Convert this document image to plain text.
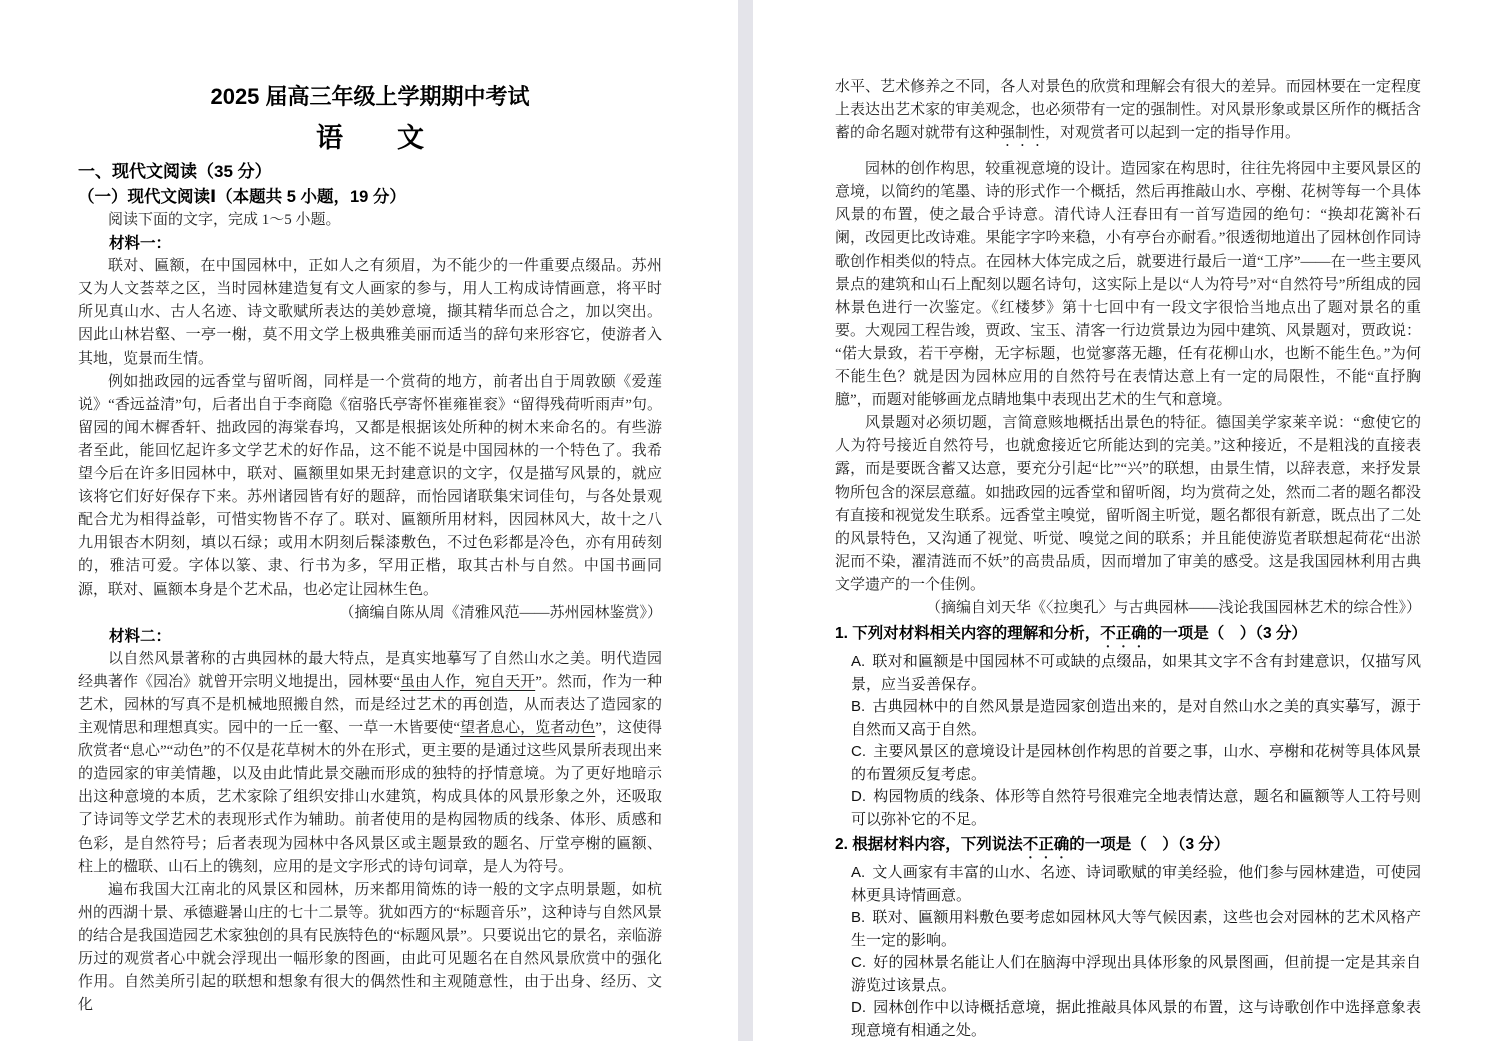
2025 届高三年级上学期期中考试
语　　文
一、现代文阅读（35 分）
（一）现代文阅读Ⅰ（本题共 5 小题，19 分）

阅读下面的文字，完成 1～5 小题。

材料一：

联对、匾额，在中国园林中，正如人之有须眉，为不能少的一件重要点缀品。苏州又为人文荟萃之区，当时园林建造复有文人画家的参与，用人工构成诗情画意，将平时所见真山水、古人名迹、诗文歌赋所表达的美妙意境，撷其精华而总合之，加以突出。因此山林岩壑、一亭一榭，莫不用文学上极典雅美丽而适当的辞句来形容它，使游者入其地，览景而生情。

例如拙政园的远香堂与留听阁，同样是一个赏荷的地方，前者出自于周敦颐《爱莲说》“香远益清”句，后者出自于李商隐《宿骆氏亭寄怀崔雍崔衮》“留得残荷听雨声”句。留园的闻木樨香轩、拙政园的海棠春坞，又都是根据该处所种的树木来命名的。有些游者至此，能回忆起许多文学艺术的好作品，这不能不说是中国园林的一个特色了。我希望今后在许多旧园林中，联对、匾额里如果无封建意识的文字，仅是描写风景的，就应该将它们好好保存下来。苏州诸园皆有好的题辞，而怡园诸联集宋词佳句，与各处景观配合尤为相得益彰，可惜实物皆不存了。联对、匾额所用材料，因园林风大，故十之八九用银杏木阴刻，填以石绿；或用木阴刻后髹漆敷色，不过色彩都是冷色，亦有用砖刻的，雅洁可爱。字体以篆、隶、行书为多，罕用正楷，取其古朴与自然。中国书画同源，联对、匾额本身是个艺术品，也必定让园林生色。

（摘编自陈从周《清雅风范——苏州园林鉴赏》）

材料二：

以自然风景著称的古典园林的最大特点，是真实地摹写了自然山水之美。明代造园经典著作《园冶》就曾开宗明义地提出，园林要“虽由人作，宛自天开”。然而，作为一种艺术，园林的写真不是机械地照搬自然，而是经过艺术的再创造，从而表达了造园家的主观情思和理想真实。园中的一丘一壑、一草一木皆要使“望者息心，览者动色”，这使得欣赏者“息心”“动色”的不仅是花草树木的外在形式，更主要的是通过这些风景所表现出来的造园家的审美情趣，以及由此情此景交融而形成的独特的抒情意境。为了更好地暗示出这种意境的本质，艺术家除了组织安排山水建筑，构成具体的风景形象之外，还吸取了诗词等文学艺术的表现形式作为辅助。前者使用的是构园物质的线条、体形、质感和色彩，是自然符号；后者表现为园林中各风景区或主题景致的题名、厅堂亭榭的匾额、柱上的楹联、山石上的镌刻，应用的是文字形式的诗句词章，是人为符号。

遍布我国大江南北的风景区和园林，历来都用简炼的诗一般的文字点明景题，如杭州的西湖十景、承德避暑山庄的七十二景等。犹如西方的“标题音乐”，这种诗与自然风景的结合是我国造园艺术家独创的具有民族特色的“标题风景”。只要说出它的景名，亲临游历过的观赏者心中就会浮现出一幅形象的图画，由此可见题名在自然风景欣赏中的强化作用。自然美所引起的联想和想象有很大的偶然性和主观随意性，由于出身、经历、文化

水平、艺术修养之不同，各人对景色的欣赏和理解会有很大的差异。而园林要在一定程度上表达出艺术家的审美观念，也必须带有一定的强制性。对风景形象或景区所作的概括含蓄的命名题对就带有这种强制性，对观赏者可以起到一定的指导作用。

园林的创作构思，较重视意境的设计。造园家在构思时，往往先将园中主要风景区的意境，以简约的笔墨、诗的形式作一个概括，然后再推敲山水、亭榭、花树等每一个具体风景的布置，使之最合乎诗意。清代诗人汪春田有一首写造园的绝句：“换却花篱补石阑，改园更比改诗难。果能字字吟来稳，小有亭台亦耐看。”很透彻地道出了园林创作同诗歌创作相类似的特点。在园林大体完成之后，就要进行最后一道“工序”——在一些主要风景点的建筑和山石上配刻以题名诗句，这实际上是以“人为符号”对“自然符号”所组成的园林景色进行一次鉴定。《红楼梦》第十七回中有一段文字很恰当地点出了题对景名的重要。大观园工程告竣，贾政、宝玉、清客一行边赏景边为园中建筑、风景题对，贾政说：“偌大景致，若干亭榭，无字标题，也觉寥落无趣，任有花柳山水，也断不能生色。”为何不能生色？就是因为园林应用的自然符号在表情达意上有一定的局限性，不能“直抒胸臆”，而题对能够画龙点睛地集中表现出艺术的生气和意境。

风景题对必须切题，言简意赅地概括出景色的特征。德国美学家莱辛说：“愈使它的人为符号接近自然符号，也就愈接近它所能达到的完美。”这种接近，不是粗浅的直接表露，而是要既含蓄又达意，要充分引起“比”“兴”的联想，由景生情，以辞表意，来抒发景物所包含的深层意蕴。如拙政园的远香堂和留听阁，均为赏荷之处，然而二者的题名都没有直接和视觉发生联系。远香堂主嗅觉，留听阁主听觉，题名都很有新意，既点出了二处的风景特色，又沟通了视觉、听觉、嗅觉之间的联系；并且能使游览者联想起荷花“出淤泥而不染，濯清涟而不妖”的高贵品质，因而增加了审美的感受。这是我国园林利用古典文学遗产的一个佳例。

（摘编自刘天华《〈拉奥孔〉与古典园林——浅论我国园林艺术的综合性》）

1. 下列对材料相关内容的理解和分析，不正确的一项是（　）（3 分）

A. 联对和匾额是中国园林不可或缺的点缀品，如果其文字不含有封建意识，仅描写风景，应当妥善保存。

B. 古典园林中的自然风景是造园家创造出来的，是对自然山水之美的真实摹写，源于自然而又高于自然。

C. 主要风景区的意境设计是园林创作构思的首要之事，山水、亭榭和花树等具体风景的布置须反复考虑。

D. 构园物质的线条、体形等自然符号很难完全地表情达意，题名和匾额等人工符号则可以弥补它的不足。

2. 根据材料内容，下列说法不正确的一项是（　）（3 分）

A. 文人画家有丰富的山水、名迹、诗词歌赋的审美经验，他们参与园林建造，可使园林更具诗情画意。

B. 联对、匾额用料敷色要考虑如园林风大等气候因素，这些也会对园林的艺术风格产生一定的影响。

C. 好的园林景名能让人们在脑海中浮现出具体形象的风景图画，但前提一定是其亲自游览过该景点。

D. 园林创作中以诗概括意境，据此推敲具体风景的布置，这与诗歌创作中选择意象表现意境有相通之处。
